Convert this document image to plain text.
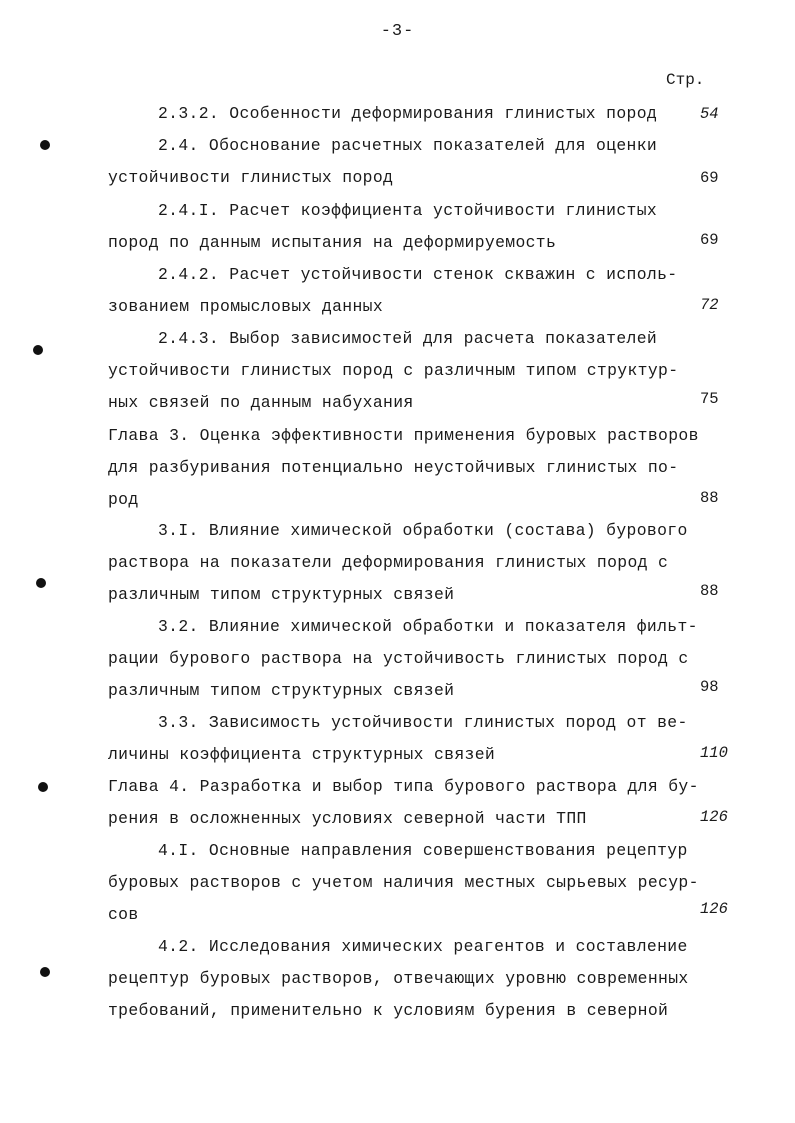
-3-
Стр.
2.3.2. Особенности деформирования глинистых пород	54
2.4. Обоснование расчетных показателей для оценки
устойчивости глинистых пород	69
2.4.I. Расчет коэффициента устойчивости глинистых
пород по данным испытания на деформируемость	69
2.4.2. Расчет устойчивости стенок скважин с исполь-
зованием промысловых данных	72
2.4.3. Выбор зависимостей для расчета показателей
устойчивости глинистых пород с различным типом структур-
ных связей по данным набухания	75
Глава 3. Оценка эффективности применения буровых растворов
для разбуривания потенциально неустойчивых глинистых по-
род	88
3.I. Влияние химической обработки (состава) бурового
раствора на показатели деформирования глинистых пород с
различным типом структурных связей	88
3.2. Влияние химической обработки и показателя фильт-
рации бурового раствора на устойчивость глинистых пород с
различным типом структурных связей	98
3.3. Зависимость устойчивости глинистых пород от ве-
личины коэффициента структурных связей	110
Глава 4. Разработка и выбор типа бурового раствора для бу-
рения в осложненных условиях северной части ТПП	126
4.I. Основные направления совершенствования рецептур
буровых растворов с учетом наличия местных сырьевых ресур-
сов	126
4.2. Исследования химических реагентов и составление
рецептур буровых растворов, отвечающих уровню современных
требований, применительно к условиям бурения в северной
